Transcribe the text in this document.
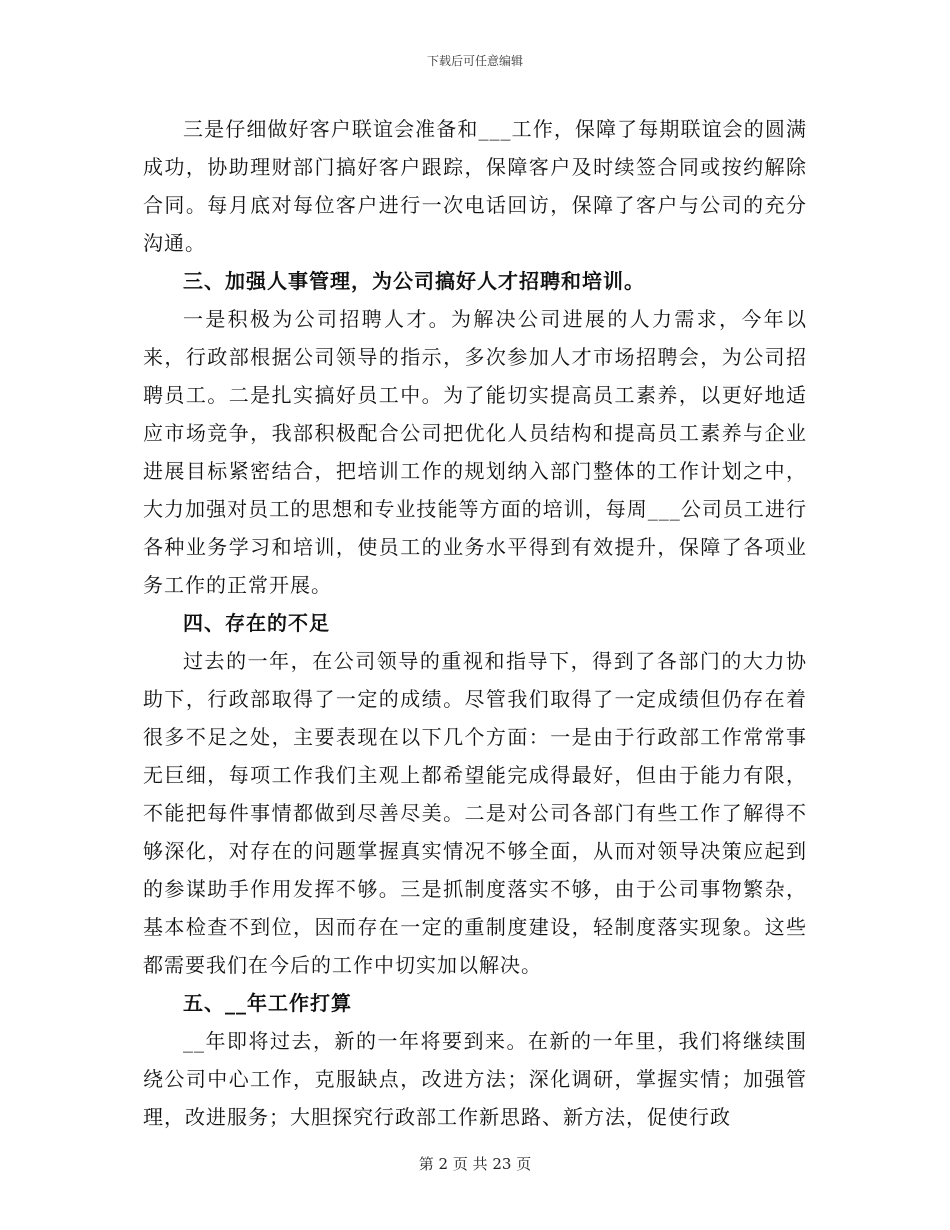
下载后可任意编辑

三是仔细做好客户联谊会准备和___工作，保障了每期联谊会的圆满成功，协助理财部门搞好客户跟踪，保障客户及时续签合同或按约解除合同。每月底对每位客户进行一次电话回访，保障了客户与公司的充分沟通。

三、加强人事管理，为公司搞好人才招聘和培训。

一是积极为公司招聘人才。为解决公司进展的人力需求，今年以来，行政部根据公司领导的指示，多次参加人才市场招聘会，为公司招聘员工。二是扎实搞好员工中。为了能切实提高员工素养，以更好地适应市场竞争，我部积极配合公司把优化人员结构和提高员工素养与企业进展目标紧密结合，把培训工作的规划纳入部门整体的工作计划之中，大力加强对员工的思想和专业技能等方面的培训，每周___公司员工进行各种业务学习和培训，使员工的业务水平得到有效提升，保障了各项业务工作的正常开展。

四、存在的不足

过去的一年，在公司领导的重视和指导下，得到了各部门的大力协助下，行政部取得了一定的成绩。尽管我们取得了一定成绩但仍存在着很多不足之处，主要表现在以下几个方面：一是由于行政部工作常常事无巨细，每项工作我们主观上都希望能完成得最好，但由于能力有限，不能把每件事情都做到尽善尽美。二是对公司各部门有些工作了解得不够深化，对存在的问题掌握真实情况不够全面，从而对领导决策应起到的参谋助手作用发挥不够。三是抓制度落实不够，由于公司事物繁杂，基本检查不到位，因而存在一定的重制度建设，轻制度落实现象。这些都需要我们在今后的工作中切实加以解决。

五、__年工作打算

__年即将过去，新的一年将要到来。在新的一年里，我们将继续围绕公司中心工作，克服缺点，改进方法；深化调研，掌握实情；加强管理，改进服务；大胆探究行政部工作新思路、新方法，促使行政

第 2 页 共 23 页
